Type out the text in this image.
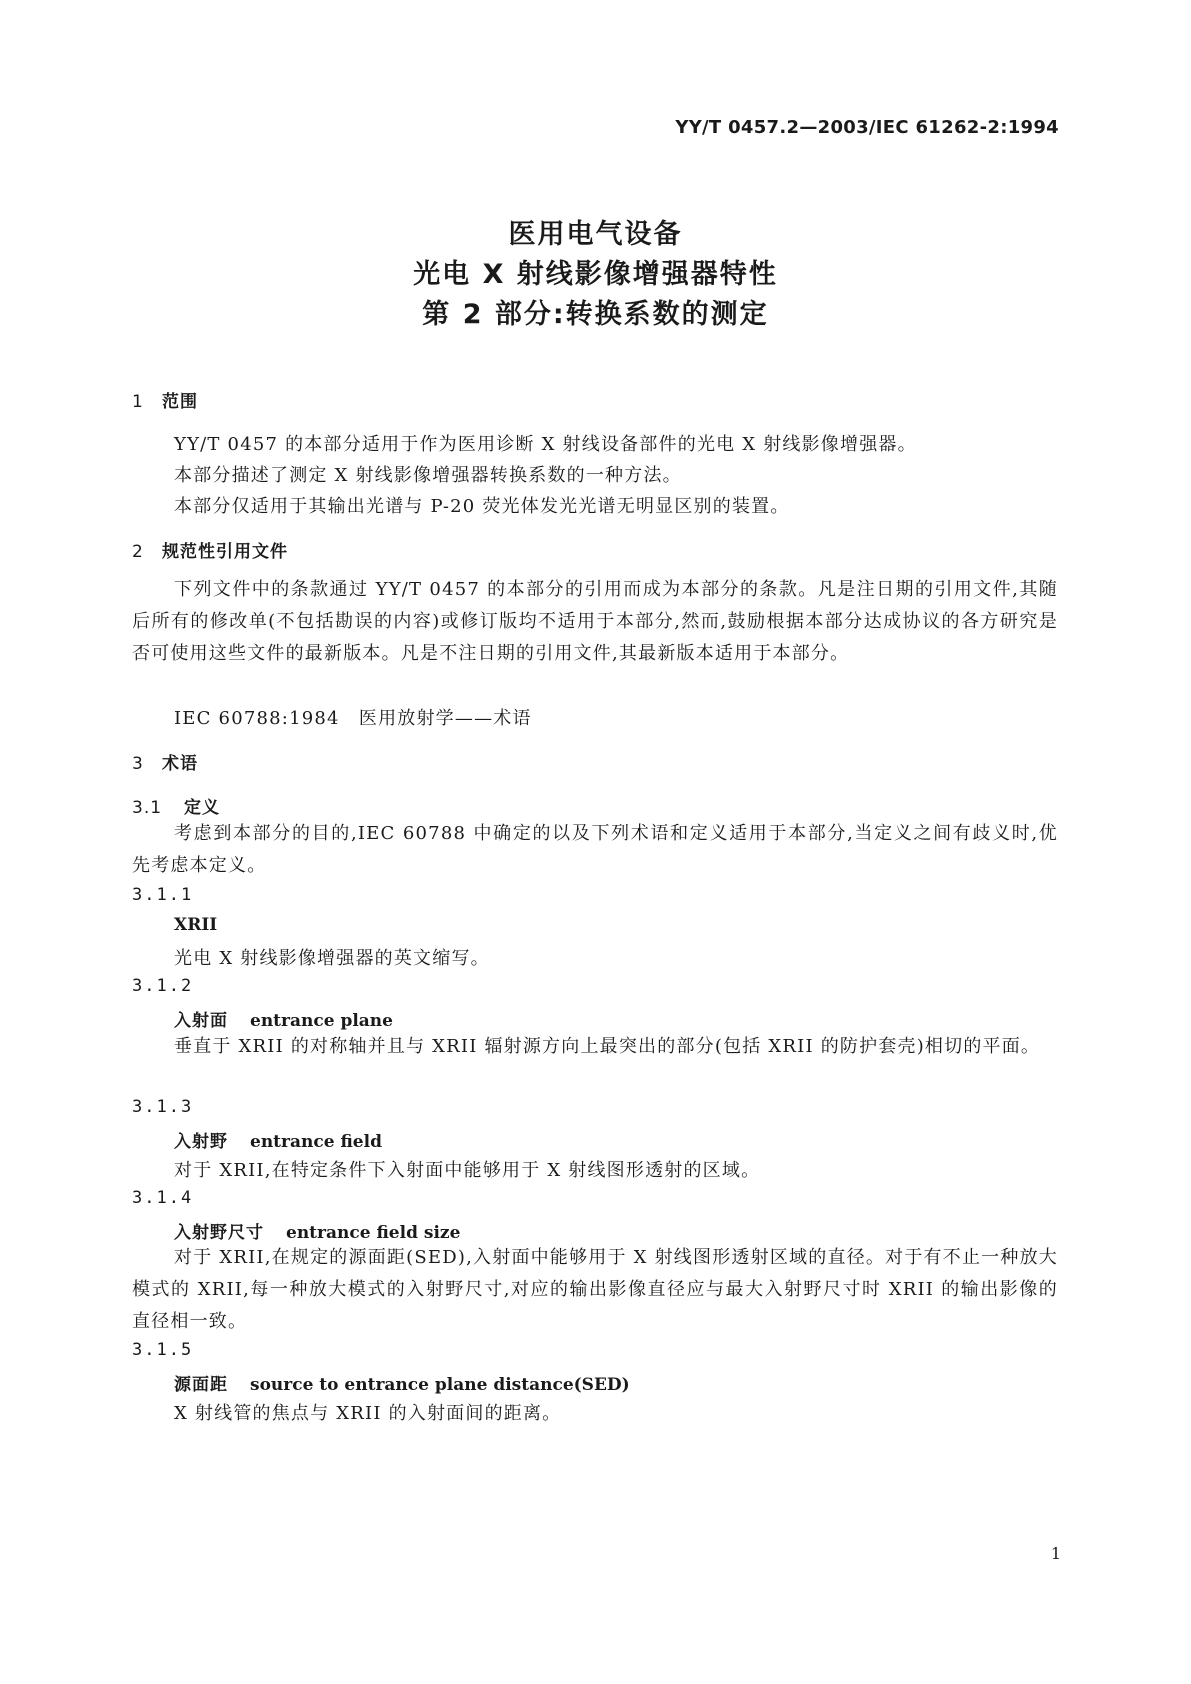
YY/T 0457.2—2003/IEC 61262-2:1994
医用电气设备
光电 X 射线影像增强器特性
第 2 部分:转换系数的测定
1 范围
YY/T 0457 的本部分适用于作为医用诊断 X 射线设备部件的光电 X 射线影像增强器。
本部分描述了测定 X 射线影像增强器转换系数的一种方法。
本部分仅适用于其输出光谱与 P-20 荧光体发光光谱无明显区别的装置。
2 规范性引用文件
下列文件中的条款通过 YY/T 0457 的本部分的引用而成为本部分的条款。凡是注日期的引用文件,其随后所有的修改单(不包括勘误的内容)或修订版均不适用于本部分,然而,鼓励根据本部分达成协议的各方研究是否可使用这些文件的最新版本。凡是不注日期的引用文件,其最新版本适用于本部分。
IEC 60788:1984　医用放射学——术语
3 术语
3.1 定义
考虑到本部分的目的,IEC 60788 中确定的以及下列术语和定义适用于本部分,当定义之间有歧义时,优先考虑本定义。
3.1.1
XRII
光电 X 射线影像增强器的英文缩写。
3.1.2
入射面 entrance plane
垂直于 XRII 的对称轴并且与 XRII 辐射源方向上最突出的部分(包括 XRII 的防护套壳)相切的平面。
3.1.3
入射野 entrance field
对于 XRII,在特定条件下入射面中能够用于 X 射线图形透射的区域。
3.1.4
入射野尺寸 entrance field size
对于 XRII,在规定的源面距(SED),入射面中能够用于 X 射线图形透射区域的直径。对于有不止一种放大模式的 XRII,每一种放大模式的入射野尺寸,对应的输出影像直径应与最大入射野尺寸时 XRII 的输出影像的直径相一致。
3.1.5
源面距 source to entrance plane distance(SED)
X 射线管的焦点与 XRII 的入射面间的距离。
1
